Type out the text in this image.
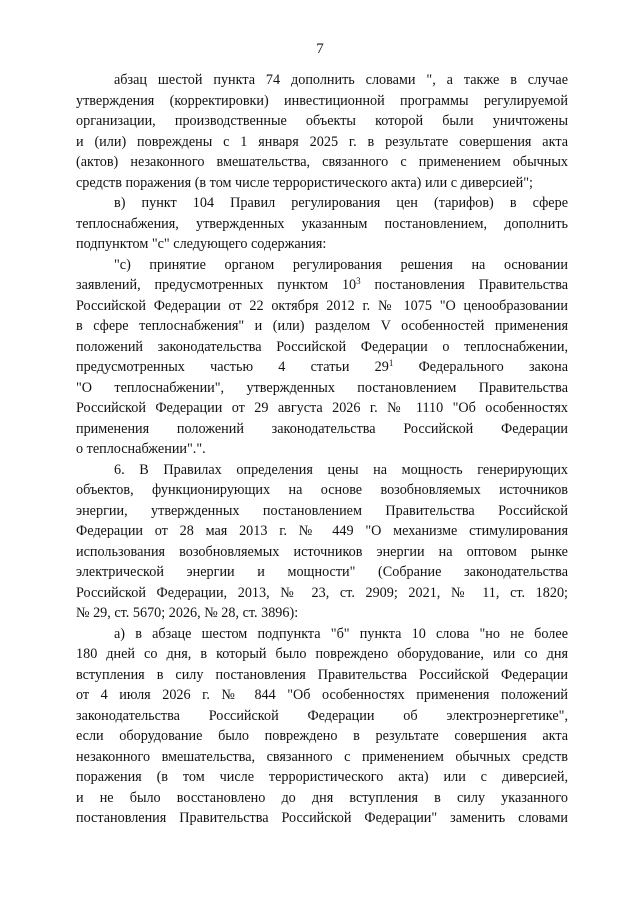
7
абзац шестой пункта 74 дополнить словами ", а также в случае
утверждения (корректировки) инвестиционной программы регулируемой
организации, производственные объекты которой были уничтожены
и (или) повреждены с 1 января 2025 г. в результате совершения акта
(актов) незаконного вмешательства, связанного с применением обычных
средств поражения (в том числе террористического акта) или с диверсией";
в) пункт 104 Правил регулирования цен (тарифов) в сфере
теплоснабжения, утвержденных указанным постановлением, дополнить
подпунктом "с" следующего содержания:
"с) принятие органом регулирования решения на основании
заявлений, предусмотренных пунктом $10^3$ постановления Правительства
Российской Федерации от 22 октября 2012 г. № 1075 "О ценообразовании
в сфере теплоснабжения" и (или) разделом V особенностей применения
положений законодательства Российской Федерации о теплоснабжении,
предусмотренных частью 4 статьи $29^1$ Федерального закона
"О теплоснабжении", утвержденных постановлением Правительства
Российской Федерации от 29 августа 2026 г. № 1110 "Об особенностях
применения положений законодательства Российской Федерации
о теплоснабжении".".
6. В Правилах определения цены на мощность генерирующих
объектов, функционирующих на основе возобновляемых источников
энергии, утвержденных постановлением Правительства Российской
Федерации от 28 мая 2013 г. № 449 "О механизме стимулирования
использования возобновляемых источников энергии на оптовом рынке
электрической энергии и мощности" (Собрание законодательства
Российской Федерации, 2013, № 23, ст. 2909; 2021, № 11, ст. 1820;
№ 29, ст. 5670; 2026, № 28, ст. 3896):
а) в абзаце шестом подпункта "б" пункта 10 слова "но не более
180 дней со дня, в который было повреждено оборудование, или со дня
вступления в силу постановления Правительства Российской Федерации
от 4 июля 2026 г. № 844 "Об особенностях применения положений
законодательства Российской Федерации об электроэнергетике",
если оборудование было повреждено в результате совершения акта
незаконного вмешательства, связанного с применением обычных средств
поражения (в том числе террористического акта) или с диверсией,
и не было восстановлено до дня вступления в силу указанного
постановления Правительства Российской Федерации" заменить словами
